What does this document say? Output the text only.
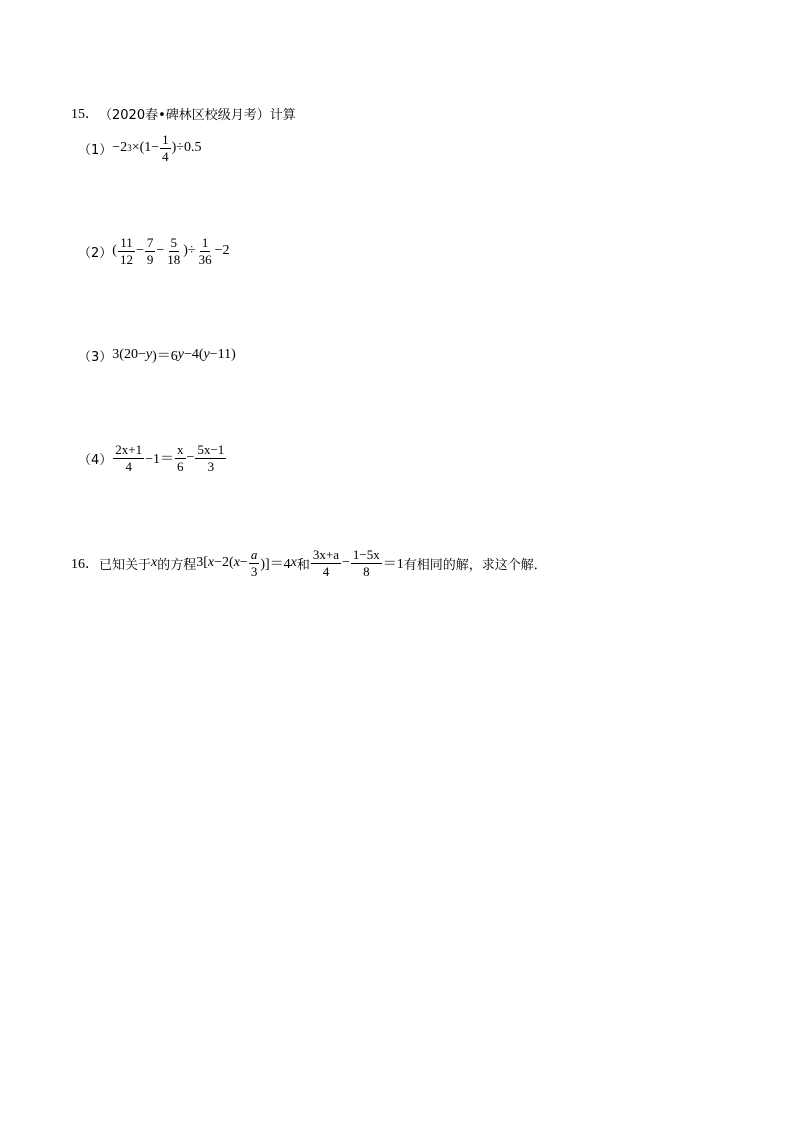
15． （2020春•碑林区校级月考） 计算
（1） −2 $3 \times(1- \frac{1}{4} )\div 0.5$
（2） ( $\frac{11}{12} - \frac{7}{9} - \frac{5}{18}$ )÷ $\frac{1}{36} -2$
（3） 3(20− y )＝6 y −4( y −11)
$(4) \frac{2x+1}{4} -1= \frac{x}{6} - \frac{5x-1}{3}$
16． 已知关于 x 的方程 3[ x −2( $x - \frac{a}{3} )]=4$ x 和 $\frac{3x+a}{4} - \frac{1-5x}{8} =1$ 有相同的解，求这个解．
